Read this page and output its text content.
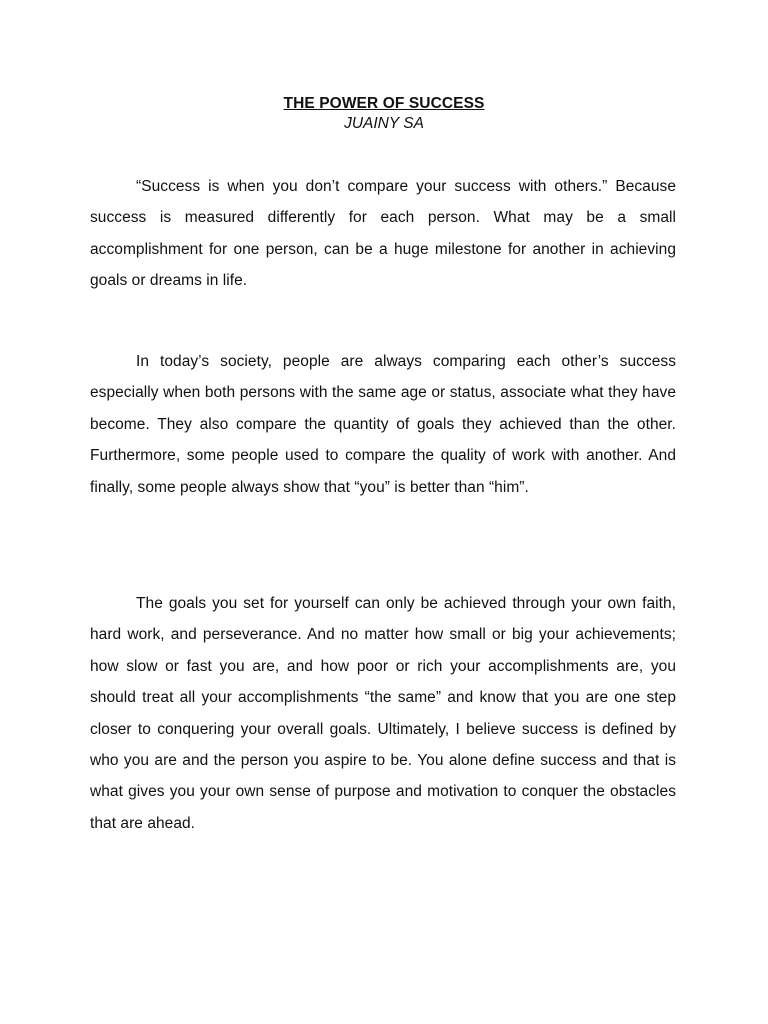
THE POWER OF SUCCESS
JUAINY SA

“Success is when you don’t compare your success with others.” Because success is measured differently for each person. What may be a small accomplishment for one person, can be a huge milestone for another in achieving goals or dreams in life.

In today’s society, people are always comparing each other’s success especially when both persons with the same age or status, associate what they have become. They also compare the quantity of goals they achieved than the other. Furthermore, some people used to compare the quality of work with another. And finally, some people always show that “you” is better than “him”.

The goals you set for yourself can only be achieved through your own faith, hard work, and perseverance. And no matter how small or big your achievements; how slow or fast you are, and how poor or rich your accomplishments are, you should treat all your accomplishments “the same” and know that you are one step closer to conquering your overall goals. Ultimately, I believe success is defined by who you are and the person you aspire to be. You alone define success and that is what gives you your own sense of purpose and motivation to conquer the obstacles that are ahead.
